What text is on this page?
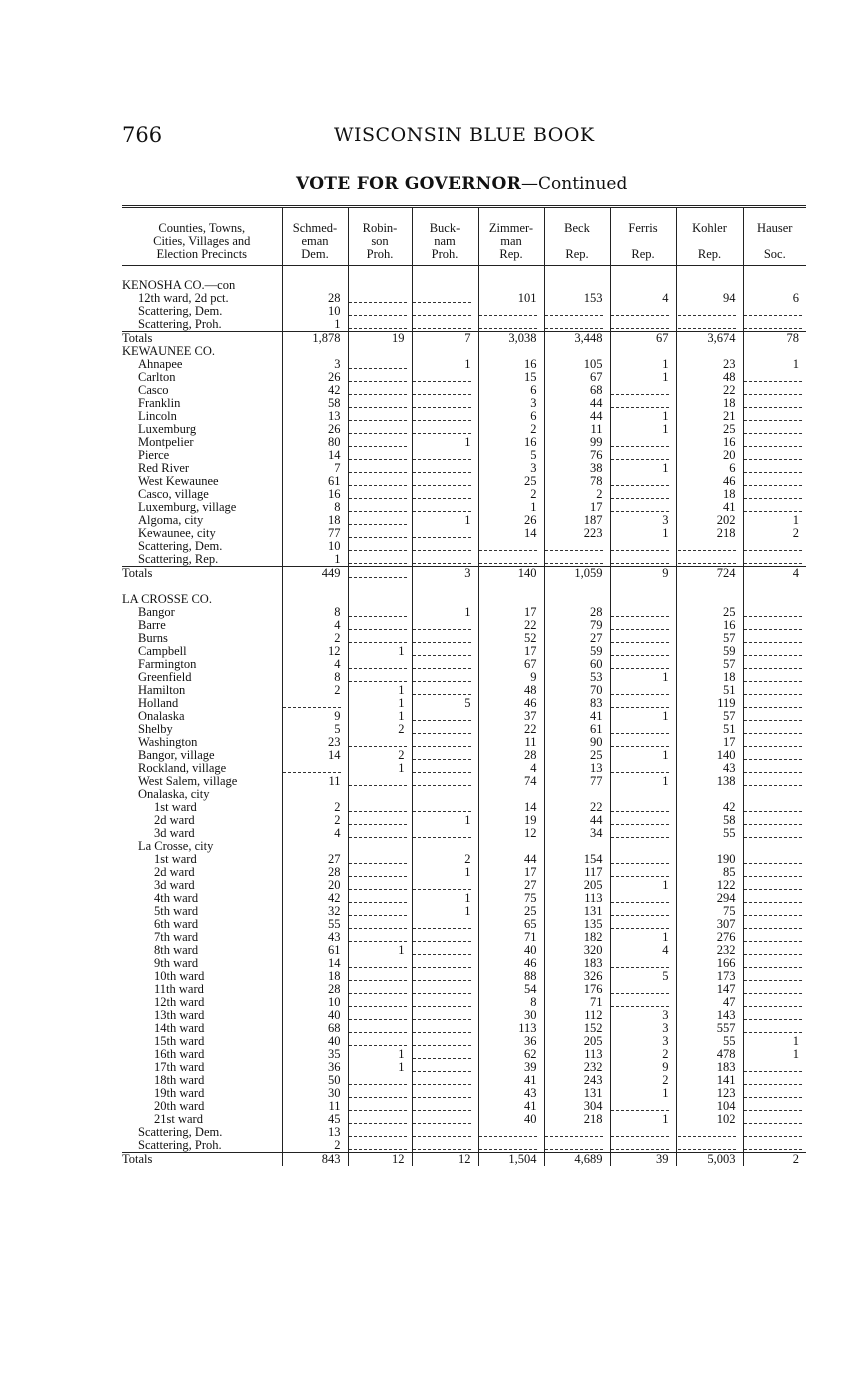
766	WISCONSIN BLUE BOOK
VOTE FOR GOVERNOR—Continued
Counties, Towns,
Cities, Villages and
Election Precincts	Schmed-
eman
Dem.	Robin-
son
Proh.	Buck-
nam
Proh.	Zimmer-
man
Rep.	Beck

Rep.	Ferris

Rep.	Kohler

Rep.	Hauser

Soc.

KENOSHA CO.—con								
12th ward, 2d pct.	28			101	153	4	94	6
Scattering, Dem.	10							
Scattering, Proh.	1							
Totals	1,878	19	7	3,038	3,448	67	3,674	78
KEWAUNEE CO.								
Ahnapee	3		1	16	105	1	23	1
Carlton	26			15	67	1	48	
Casco	42			6	68		22	
Franklin	58			3	44		18	
Lincoln	13			6	44	1	21	
Luxemburg	26			2	11	1	25	
Montpelier	80		1	16	99		16	
Pierce	14			5	76		20	
Red River	7			3	38	1	6	
West Kewaunee	61			25	78		46	
Casco, village	16			2	2		18	
Luxemburg, village	8			1	17		41	
Algoma, city	18		1	26	187	3	202	1
Kewaunee, city	77			14	223	1	218	2
Scattering, Dem.	10							
Scattering, Rep.	1							
Totals	449		3	140	1,059	9	724	4

LA CROSSE CO.								
Bangor	8		1	17	28		25	
Barre	4			22	79		16	
Burns	2			52	27		57	
Campbell	12	1		17	59		59	
Farmington	4			67	60		57	
Greenfield	8			9	53	1	18	
Hamilton	2	1		48	70		51	
Holland		1	5	46	83		119	
Onalaska	9	1		37	41	1	57	
Shelby	5	2		22	61		51	
Washington	23			11	90		17	
Bangor, village	14	2		28	25	1	140	
Rockland, village		1		4	13		43	
West Salem, village	11			74	77	1	138	
Onalaska, city								
1st ward	2			14	22		42	
2d ward	2		1	19	44		58	
3d ward	4			12	34		55	
La Crosse, city								
1st ward	27		2	44	154		190	
2d ward	28		1	17	117		85	
3d ward	20			27	205	1	122	
4th ward	42		1	75	113		294	
5th ward	32		1	25	131		75	
6th ward	55			65	135		307	
7th ward	43			71	182	1	276	
8th ward	61	1		40	320	4	232	
9th ward	14			46	183		166	
10th ward	18			88	326	5	173	
11th ward	28			54	176		147	
12th ward	10			8	71		47	
13th ward	40			30	112	3	143	
14th ward	68			113	152	3	557	
15th ward	40			36	205	3	55	1
16th ward	35	1		62	113	2	478	1
17th ward	36	1		39	232	9	183	
18th ward	50			41	243	2	141	
19th ward	30			43	131	1	123	
20th ward	11			41	304		104	
21st ward	45			40	218	1	102	
Scattering, Dem.	13							
Scattering, Proh.	2							
Totals	843	12	12	1,504	4,689	39	5,003	2
